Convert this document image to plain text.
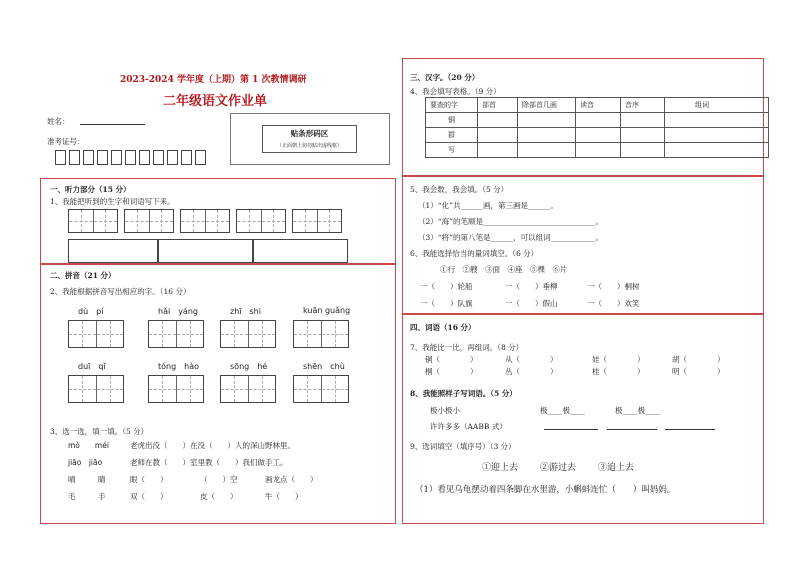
2023-2024 学年度（上期）第 1 次教情调研
二年级语文作业单
姓名：
准考证号：
贴条形码区
（正面朝上切勿贴出虚线框）
一、听力部分（15 分）
1、我能把听到的生字和词语写下来。
二、拼音（21 分）
2、我能根据拼音写出相应的字。（16 分）
3、选一选，填一填。（5 分）
mò　　méi	老虎出没（　　）在没（　　）人的深山野林里。
jiāo　jiāo	老师在教（　　）室里教（　　）我们做手工。
晴　　　睛	眼（　　）	（　　）空	画龙点（　　）
毛　　　手	双（　　）	皮（　　）	牛（　　）
三、汉字。（20 分）
4、我会填写表格。（9 分）
要查的字	部首	除部首几画	读音	音序	组词
铜					
群					
写					
5、我会数，我会填。（5 分）
（1）“化”共______画，第三画是______。
（2）“海”的笔顺是______________________________。
（3）“将”的第八笔是______，可以组词____________。
6、我能选择恰当的量词填空。（6 分）
①行　②艘　③面　④座　⑤棵　⑥片
一（　　）轮船	一（　　）垂柳	一（　　）桐树
一（　　）队旗	一（　　）假山	一（　　）欢笑
四、词语（16 分）
7、我能比一比，再组词。（8 分）
铜（　　　　）	从（　　　　）	娃（　　　　）	胡（　　　　）
桐（　　　　）	丛（　　　　）	桂（　　　　）	明（　　　　）
8、我能照样子写词语。（5 分）
极小极小	极____极____	极____极____
许许多多（AABB 式）
9、选词填空（填序号）（3 分）
①迎上去 ②游过去 ③追上去
（1）看见乌龟摆动着四条脚在水里游，小蝌蚪连忙（　　）叫妈妈。
dù　pí	hǎi　yáng	zhī　shi	kuān guǎng
duī　qǐ	tóng　hào	sōng　hé	shēn　chù
